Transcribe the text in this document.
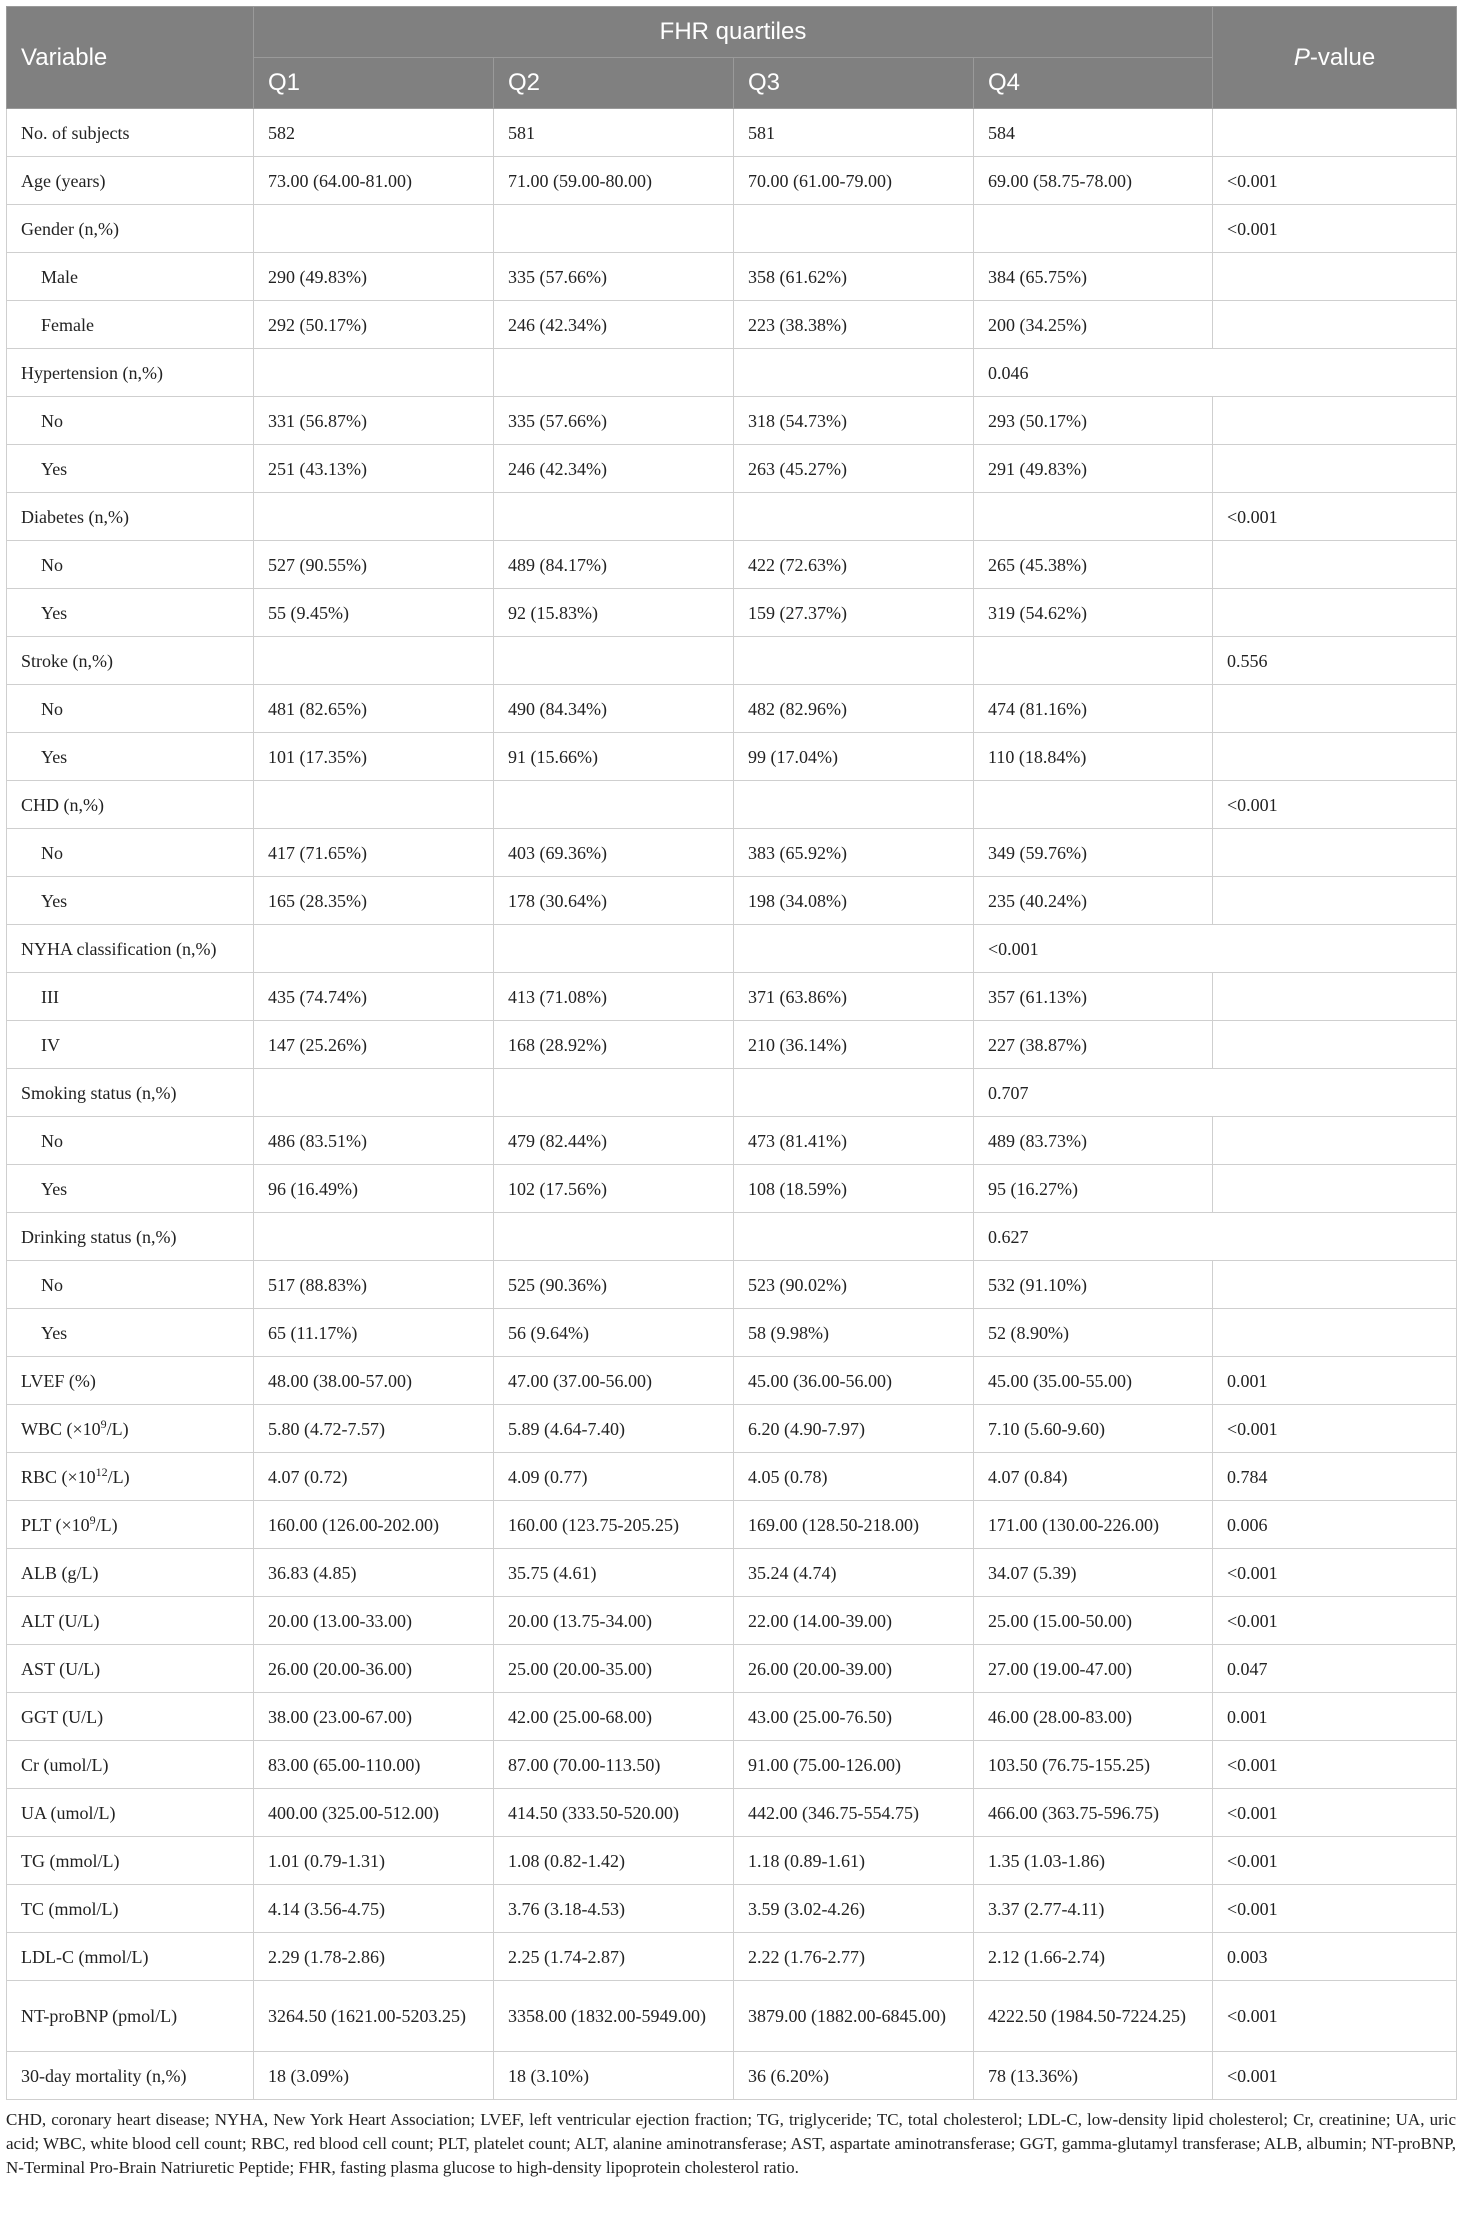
Variable	FHR quartiles				P-value
	Q1	Q2	Q3	Q4	
No. of subjects	582	581	581	584	
Age (years)	73.00 (64.00-81.00)	71.00 (59.00-80.00)	70.00 (61.00-79.00)	69.00 (58.75-78.00)	<0.001
Gender (n,%)					<0.001
Male	290 (49.83%)	335 (57.66%)	358 (61.62%)	384 (65.75%)	
Female	292 (50.17%)	246 (42.34%)	223 (38.38%)	200 (34.25%)	
Hypertension (n,%)				0.046	
No	331 (56.87%)	335 (57.66%)	318 (54.73%)	293 (50.17%)	
Yes	251 (43.13%)	246 (42.34%)	263 (45.27%)	291 (49.83%)	
Diabetes (n,%)					<0.001
No	527 (90.55%)	489 (84.17%)	422 (72.63%)	265 (45.38%)	
Yes	55 (9.45%)	92 (15.83%)	159 (27.37%)	319 (54.62%)	
Stroke (n,%)					0.556
No	481 (82.65%)	490 (84.34%)	482 (82.96%)	474 (81.16%)	
Yes	101 (17.35%)	91 (15.66%)	99 (17.04%)	110 (18.84%)	
CHD (n,%)					<0.001
No	417 (71.65%)	403 (69.36%)	383 (65.92%)	349 (59.76%)	
Yes	165 (28.35%)	178 (30.64%)	198 (34.08%)	235 (40.24%)	
NYHA classification (n,%)				<0.001	
III	435 (74.74%)	413 (71.08%)	371 (63.86%)	357 (61.13%)	
IV	147 (25.26%)	168 (28.92%)	210 (36.14%)	227 (38.87%)	
Smoking status (n,%)				0.707	
No	486 (83.51%)	479 (82.44%)	473 (81.41%)	489 (83.73%)	
Yes	96 (16.49%)	102 (17.56%)	108 (18.59%)	95 (16.27%)	
Drinking status (n,%)				0.627	
No	517 (88.83%)	525 (90.36%)	523 (90.02%)	532 (91.10%)	
Yes	65 (11.17%)	56 (9.64%)	58 (9.98%)	52 (8.90%)	
LVEF (%)	48.00 (38.00-57.00)	47.00 (37.00-56.00)	45.00 (36.00-56.00)	45.00 (35.00-55.00)	0.001
WBC $(\times 10^9/L)$	5.80 (4.72-7.57)	5.89 (4.64-7.40)	6.20 (4.90-7.97)	7.10 (5.60-9.60)	<0.001
RBC $(\times 10^{12}/L)$	4.07 (0.72)	4.09 (0.77)	4.05 (0.78)	4.07 (0.84)	0.784
PLT $(\times 10^9/L)$	160.00 (126.00-202.00)	160.00 (123.75-205.25)	169.00 (128.50-218.00)	171.00 (130.00-226.00)	0.006
ALB (g/L)	36.83 (4.85)	35.75 (4.61)	35.24 (4.74)	34.07 (5.39)	<0.001
ALT (U/L)	20.00 (13.00-33.00)	20.00 (13.75-34.00)	22.00 (14.00-39.00)	25.00 (15.00-50.00)	<0.001
AST (U/L)	26.00 (20.00-36.00)	25.00 (20.00-35.00)	26.00 (20.00-39.00)	27.00 (19.00-47.00)	0.047
GGT (U/L)	38.00 (23.00-67.00)	42.00 (25.00-68.00)	43.00 (25.00-76.50)	46.00 (28.00-83.00)	0.001
Cr (umol/L)	83.00 (65.00-110.00)	87.00 (70.00-113.50)	91.00 (75.00-126.00)	103.50 (76.75-155.25)	<0.001
UA (umol/L)	400.00 (325.00-512.00)	414.50 (333.50-520.00)	442.00 (346.75-554.75)	466.00 (363.75-596.75)	<0.001
TG (mmol/L)	1.01 (0.79-1.31)	1.08 (0.82-1.42)	1.18 (0.89-1.61)	1.35 (1.03-1.86)	<0.001
TC (mmol/L)	4.14 (3.56-4.75)	3.76 (3.18-4.53)	3.59 (3.02-4.26)	3.37 (2.77-4.11)	<0.001
LDL-C (mmol/L)	2.29 (1.78-2.86)	2.25 (1.74-2.87)	2.22 (1.76-2.77)	2.12 (1.66-2.74)	0.003
NT-proBNP (pmol/L)	3264.50 (1621.00-5203.25)	3358.00 (1832.00-5949.00)	3879.00 (1882.00-6845.00)	4222.50 (1984.50-7224.25)	<0.001
30-day mortality (n,%)	18 (3.09%)	18 (3.10%)	36 (6.20%)	78 (13.36%)	<0.001
CHD, coronary heart disease; NYHA, New York Heart Association; LVEF, left ventricular ejection fraction; TG, triglyceride; TC, total cholesterol; LDL-C, low-density lipid cholesterol; Cr, creatinine; UA, uric acid; WBC, white blood cell count; RBC, red blood cell count; PLT, platelet count; ALT, alanine aminotransferase; AST, aspartate aminotransferase; GGT, gamma-glutamyl transferase; ALB, albumin; NT-proBNP, N-Terminal Pro-Brain Natriuretic Peptide; FHR, fasting plasma glucose to high-density lipoprotein cholesterol ratio.
